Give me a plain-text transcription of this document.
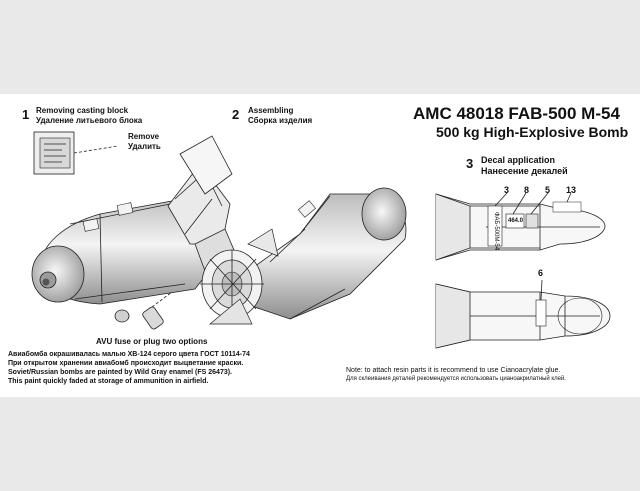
1 Removing casting block
Удаление литьевого блока
Remove
Удалить
2 Assembling
Сборка изделия	AMC 48018 FAB-500 M-54
500 kg High-Explosive Bomb
3 Decal application
Нанесение декалей
3 8 5 13
6
ФАБ-500М-54 464.0
AVU fuse or plug two options
Авиабомба окрашивалась малью ХВ-124 серого цвета ГОСТ 10114-74
При открытом хранении авиабомб происходит выцветание краски.
Soviet/Russian bombs are painted by Wild Gray enamel (FS 26473).
This paint quickly faded at storage of ammunition in airfield.
Note: to attach resin parts it is recommend to use Cianoacrylate glue.
Для склеивания деталей рекомендуется использовать цианоакрилатный клей.
